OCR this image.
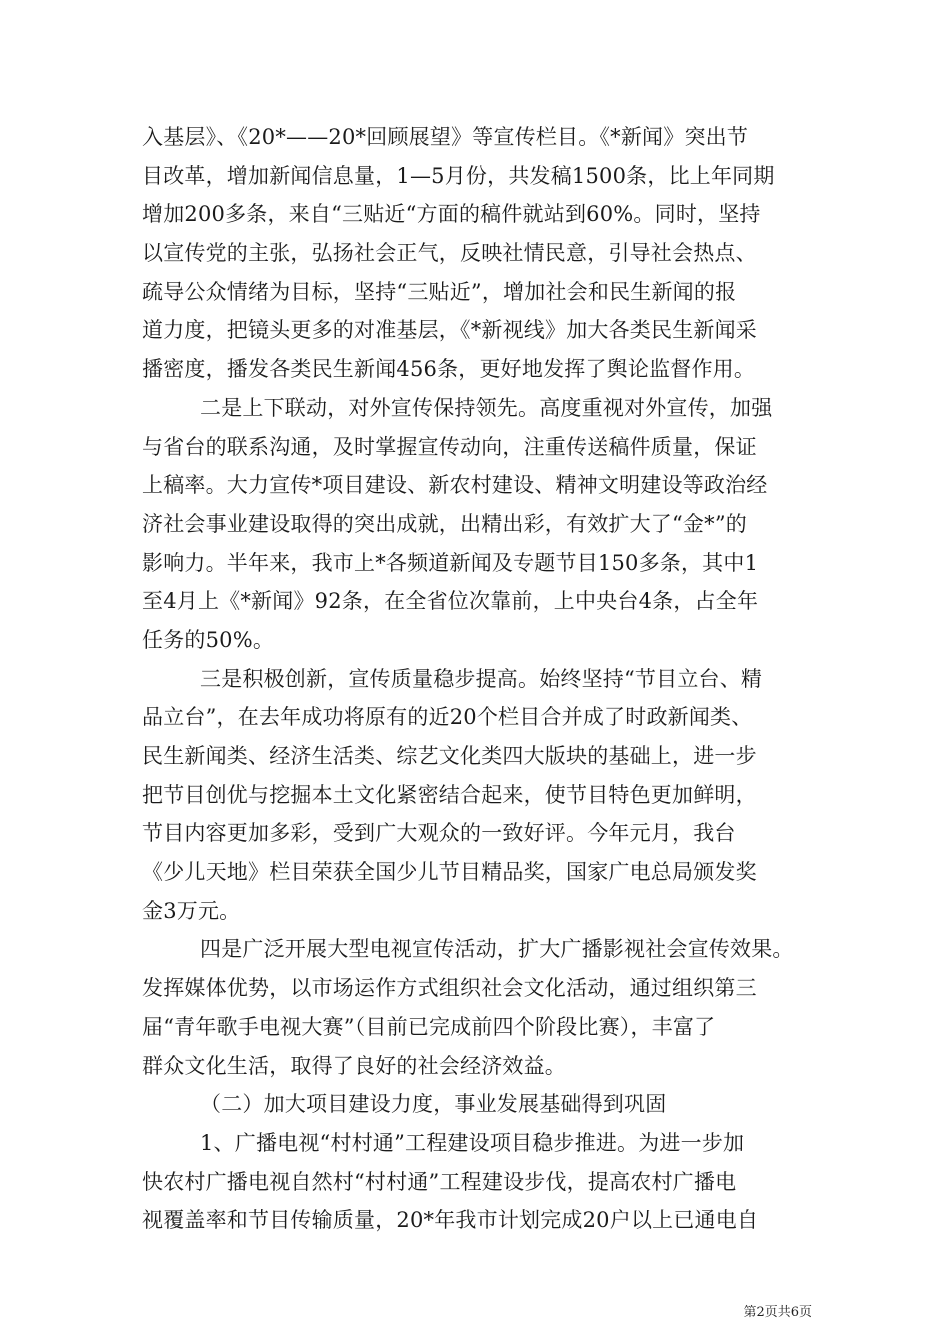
入基层》、《20*——20*回顾展望》等宣传栏目。《*新闻》突出节
目改革，增加新闻信息量，1—5月份，共发稿1500条，比上年同期
增加200多条，来自“三贴近“方面的稿件就站到60%。同时，坚持
以宣传党的主张，弘扬社会正气，反映社情民意，引导社会热点、
疏导公众情绪为目标，坚持“三贴近”，增加社会和民生新闻的报
道力度，把镜头更多的对准基层，《*新视线》加大各类民生新闻采
播密度，播发各类民生新闻456条，更好地发挥了舆论监督作用。
二是上下联动，对外宣传保持领先。高度重视对外宣传，加强
与省台的联系沟通，及时掌握宣传动向，注重传送稿件质量，保证
上稿率。大力宣传*项目建设、新农村建设、精神文明建设等政治经
济社会事业建设取得的突出成就，出精出彩，有效扩大了“金*”的
影响力。半年来，我市上*各频道新闻及专题节目150多条，其中1
至4月上《*新闻》92条，在全省位次靠前，上中央台4条，占全年
任务的50%。
三是积极创新，宣传质量稳步提高。始终坚持“节目立台、精
品立台”，在去年成功将原有的近20个栏目合并成了时政新闻类、
民生新闻类、经济生活类、综艺文化类四大版块的基础上，进一步
把节目创优与挖掘本土文化紧密结合起来，使节目特色更加鲜明，
节目内容更加多彩，受到广大观众的一致好评。今年元月，我台
《少儿天地》栏目荣获全国少儿节目精品奖，国家广电总局颁发奖
金3万元。
四是广泛开展大型电视宣传活动，扩大广播影视社会宣传效果。
发挥媒体优势，以市场运作方式组织社会文化活动，通过组织第三
届“青年歌手电视大赛”（目前已完成前四个阶段比赛），丰富了
群众文化生活，取得了良好的社会经济效益。
（二）加大项目建设力度，事业发展基础得到巩固
1、广播电视“村村通”工程建设项目稳步推进。为进一步加
快农村广播电视自然村“村村通”工程建设步伐，提高农村广播电
视覆盖率和节目传输质量，20*年我市计划完成20户以上已通电自
第2页共6页
